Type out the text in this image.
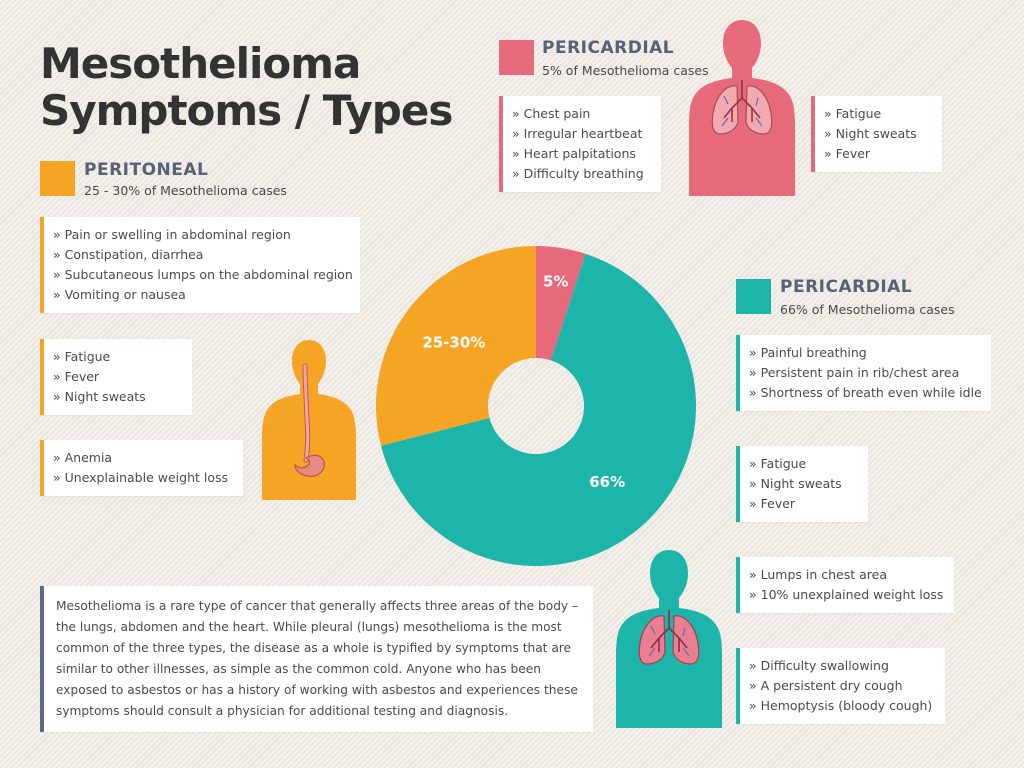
Mesothelioma
Symptoms / Types
PERITONEAL
25 - 30% of Mesothelioma cases
» Pain or swelling in abdominal region
» Constipation, diarrhea
» Subcutaneous lumps on the abdominal region
» Vomiting or nausea
» Fatigue
» Fever
» Night sweats
» Anemia
» Unexplainable weight loss
PERICARDIAL
5% of Mesothelioma cases
» Chest pain
» Irregular heartbeat
» Heart palpitations
» Difficulty breathing
» Fatigue
» Night sweats
» Fever
5%
66%
25-30%
PERICARDIAL
66% of Mesothelioma cases
» Painful breathing
» Persistent pain in rib/chest area
» Shortness of breath even while idle
» Fatigue
» Night sweats
» Fever
» Lumps in chest area
» 10% unexplained weight loss
» Difficulty swallowing
» A persistent dry cough
» Hemoptysis (bloody cough)
Mesothelioma is a rare type of cancer that generally affects three areas of the body – the lungs, abdomen and the heart. While pleural (lungs) mesothelioma is the most common of the three types, the disease as a whole is typified by symptoms that are similar to other illnesses, as simple as the common cold. Anyone who has been exposed to asbestos or has a history of working with asbestos and experiences these symptoms should consult a physician for additional testing and diagnosis.
